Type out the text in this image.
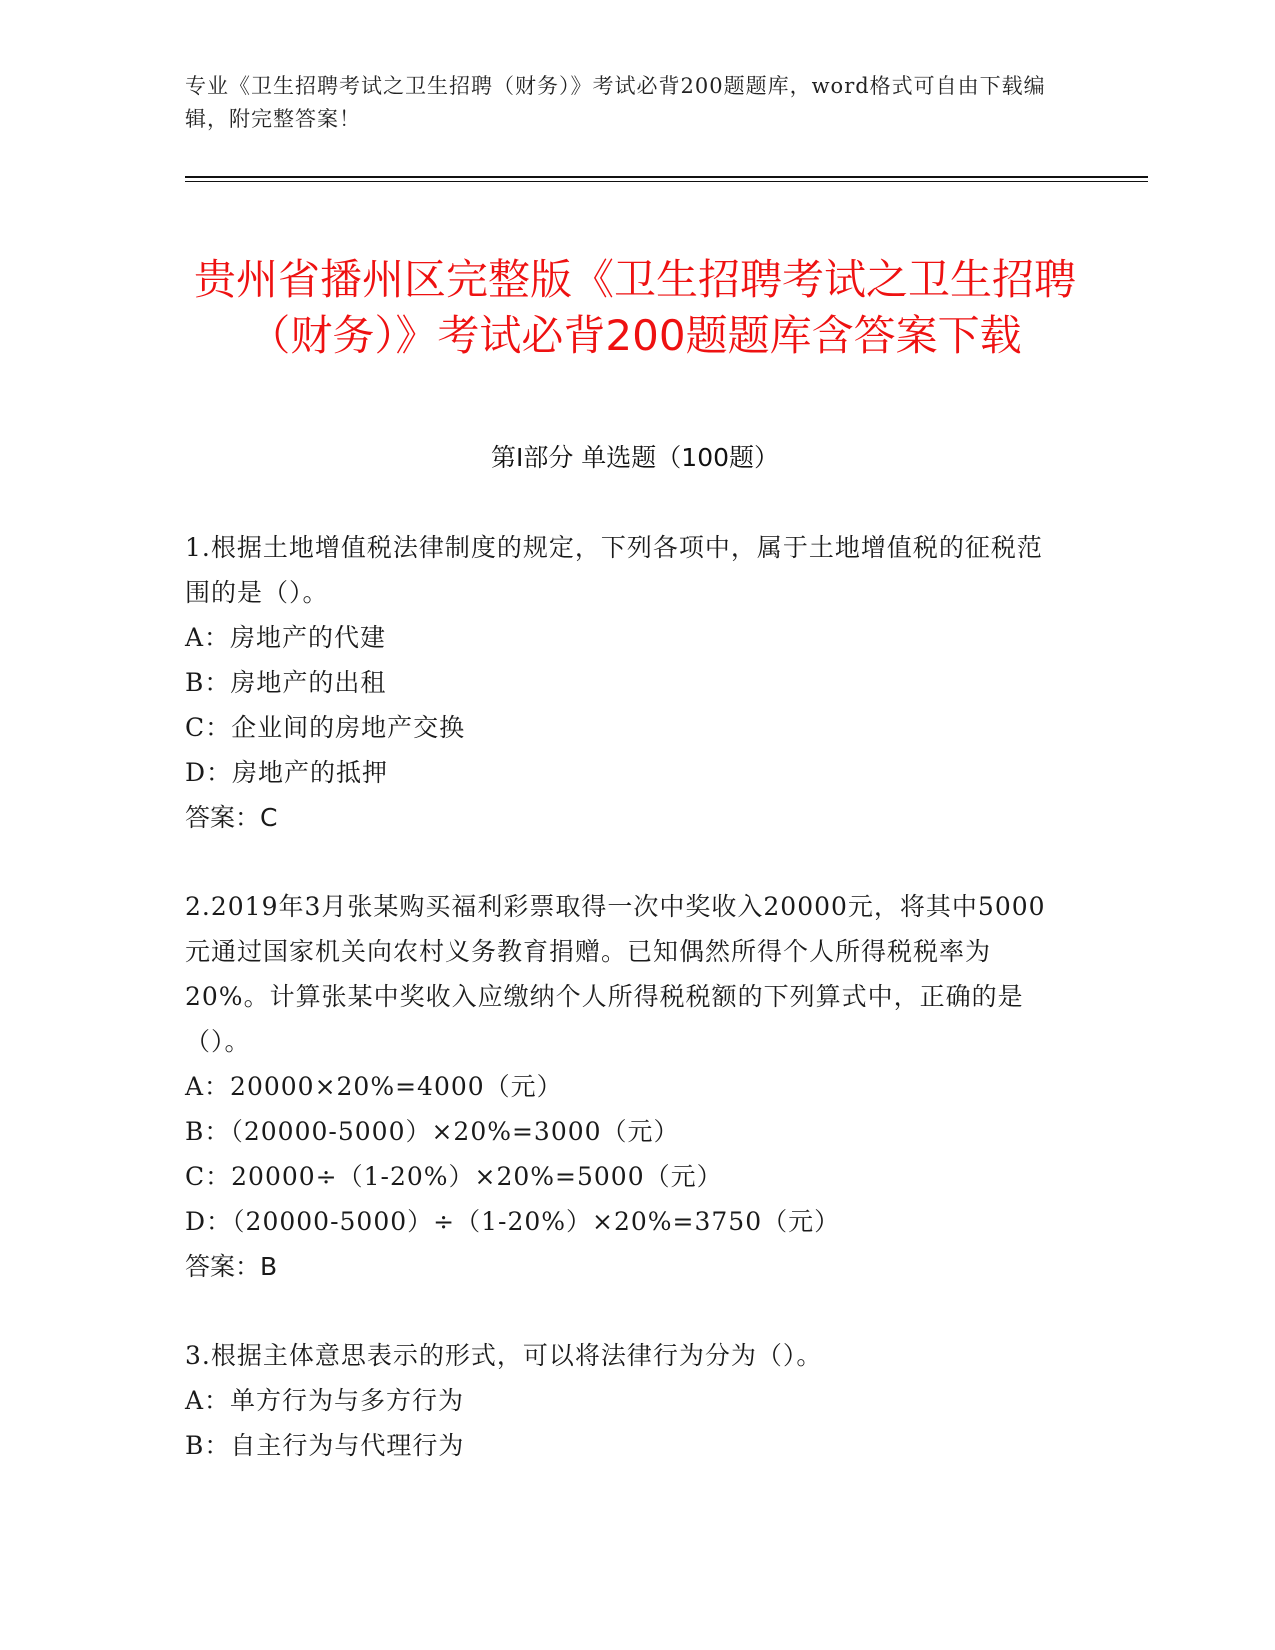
专业《卫生招聘考试之卫生招聘（财务）》考试必背200题题库，word格式可自由下载编辑，附完整答案！
贵州省播州区完整版《卫生招聘考试之卫生招聘（财务）》考试必背200题题库含答案下载
第I部分 单选题（100题）

1.根据土地增值税法律制度的规定，下列各项中，属于土地增值税的征税范围的是（）。

A：房地产的代建

B：房地产的出租

C：企业间的房地产交换

D：房地产的抵押

答案：C

2.2019年3月张某购买福利彩票取得一次中奖收入20000元，将其中5000元通过国家机关向农村义务教育捐赠。已知偶然所得个人所得税税率为20%。计算张某中奖收入应缴纳个人所得税税额的下列算式中，正确的是（）。

A：20000×20%=4000（元）

B：（20000-5000）×20%=3000（元）

C：20000÷（1-20%）×20%=5000（元）

D：（20000-5000）÷（1-20%）×20%=3750（元）

答案：B

3.根据主体意思表示的形式，可以将法律行为分为（）。

A：单方行为与多方行为

B：自主行为与代理行为
